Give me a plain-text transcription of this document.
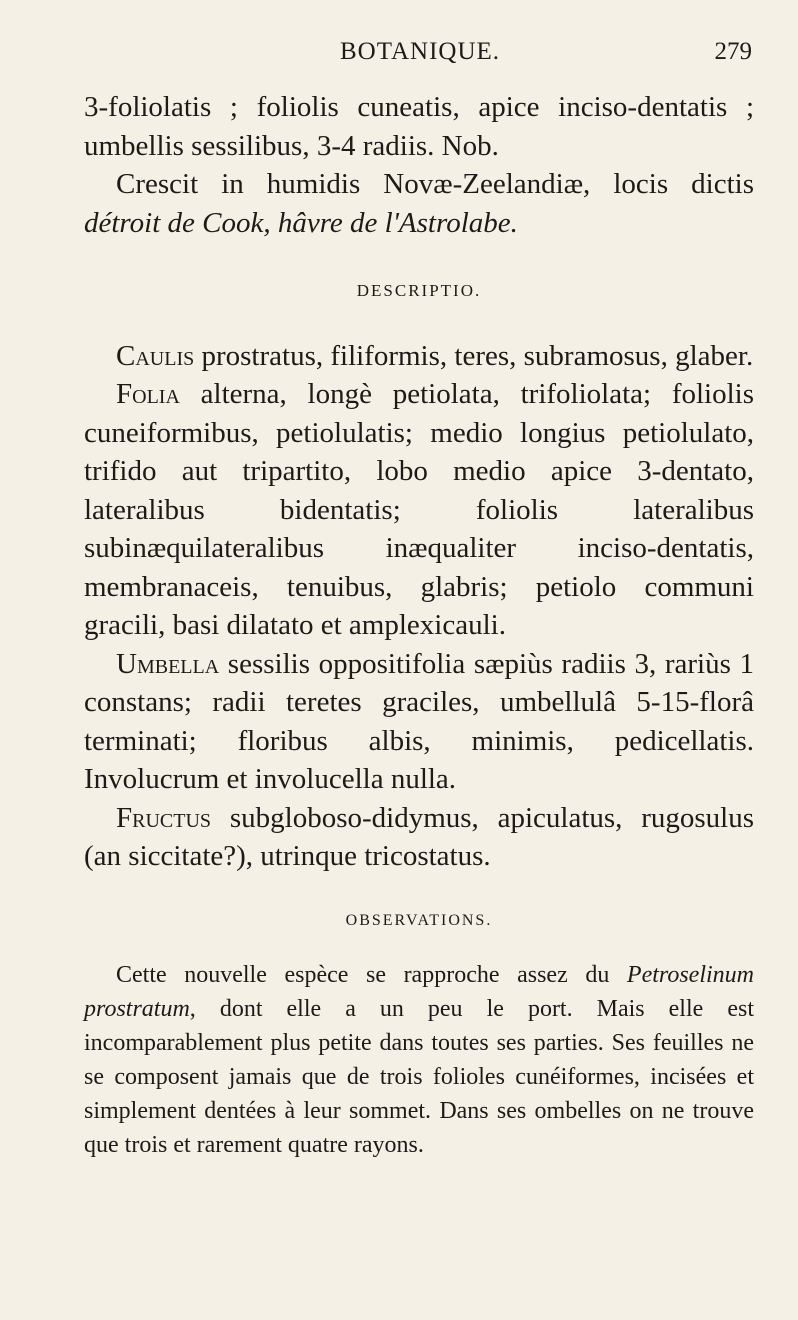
BOTANIQUE.	279

3-foliolatis ; foliolis cuneatis, apice inciso-dentatis ; umbellis sessilibus, 3-4 radiis. Nob.

Crescit in humidis Novæ-Zeelandiæ, locis dictis détroit de Cook, hâvre de l'Astrolabe.

DESCRIPTIO.

Caulis prostratus, filiformis, teres, subramosus, glaber.

Folia alterna, longè petiolata, trifoliolata; foliolis cuneiformibus, petiolulatis; medio longius petiolulato, trifido aut tripartito, lobo medio apice 3-dentato, lateralibus bidentatis; foliolis lateralibus subinæquilateralibus inæqualiter inciso-dentatis, membranaceis, tenuibus, glabris; petiolo communi gracili, basi dilatato et amplexicauli.

Umbella sessilis oppositifolia sæpiùs radiis 3, rariùs 1 constans; radii teretes graciles, umbellulâ 5-15-florâ terminati; floribus albis, minimis, pedicellatis. Involucrum et involucella nulla.

Fructus subgloboso-didymus, apiculatus, rugosulus (an siccitate?), utrinque tricostatus.

OBSERVATIONS.

Cette nouvelle espèce se rapproche assez du Petroselinum prostratum, dont elle a un peu le port. Mais elle est incomparablement plus petite dans toutes ses parties. Ses feuilles ne se composent jamais que de trois folioles cunéiformes, incisées et simplement dentées à leur sommet. Dans ses ombelles on ne trouve que trois et rarement quatre rayons.
